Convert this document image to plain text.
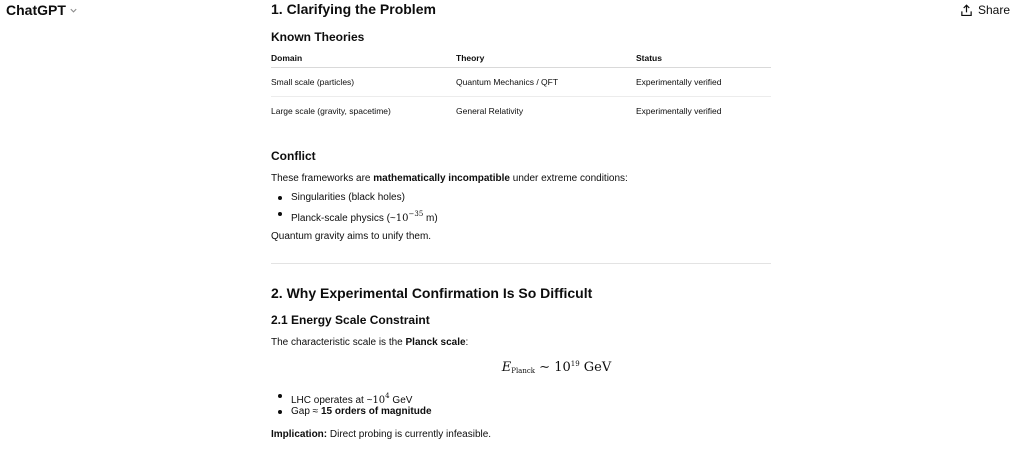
ChatGPT	Share
1. Clarifying the Problem
Known Theories
Domain	Theory	Status
Small scale (particles)	Quantum Mechanics / QFT	Experimentally verified
Large scale (gravity, spacetime)	General Relativity	Experimentally verified
Conflict
These frameworks are mathematically incompatible under extreme conditions:
Singularities (black holes)
Planck-scale physics ($\sim 10^{-35}$ m)
Quantum gravity aims to unify them.
2. Why Experimental Confirmation Is So Difficult
2.1 Energy Scale Constraint
The characteristic scale is the Planck scale:
$E_{Planck}$ ∼ $10^{19}$ GeV
LHC operates at $\sim 10^4$ GeV
Gap ≈ 15 orders of magnitude
Implication: Direct probing is currently infeasible.
